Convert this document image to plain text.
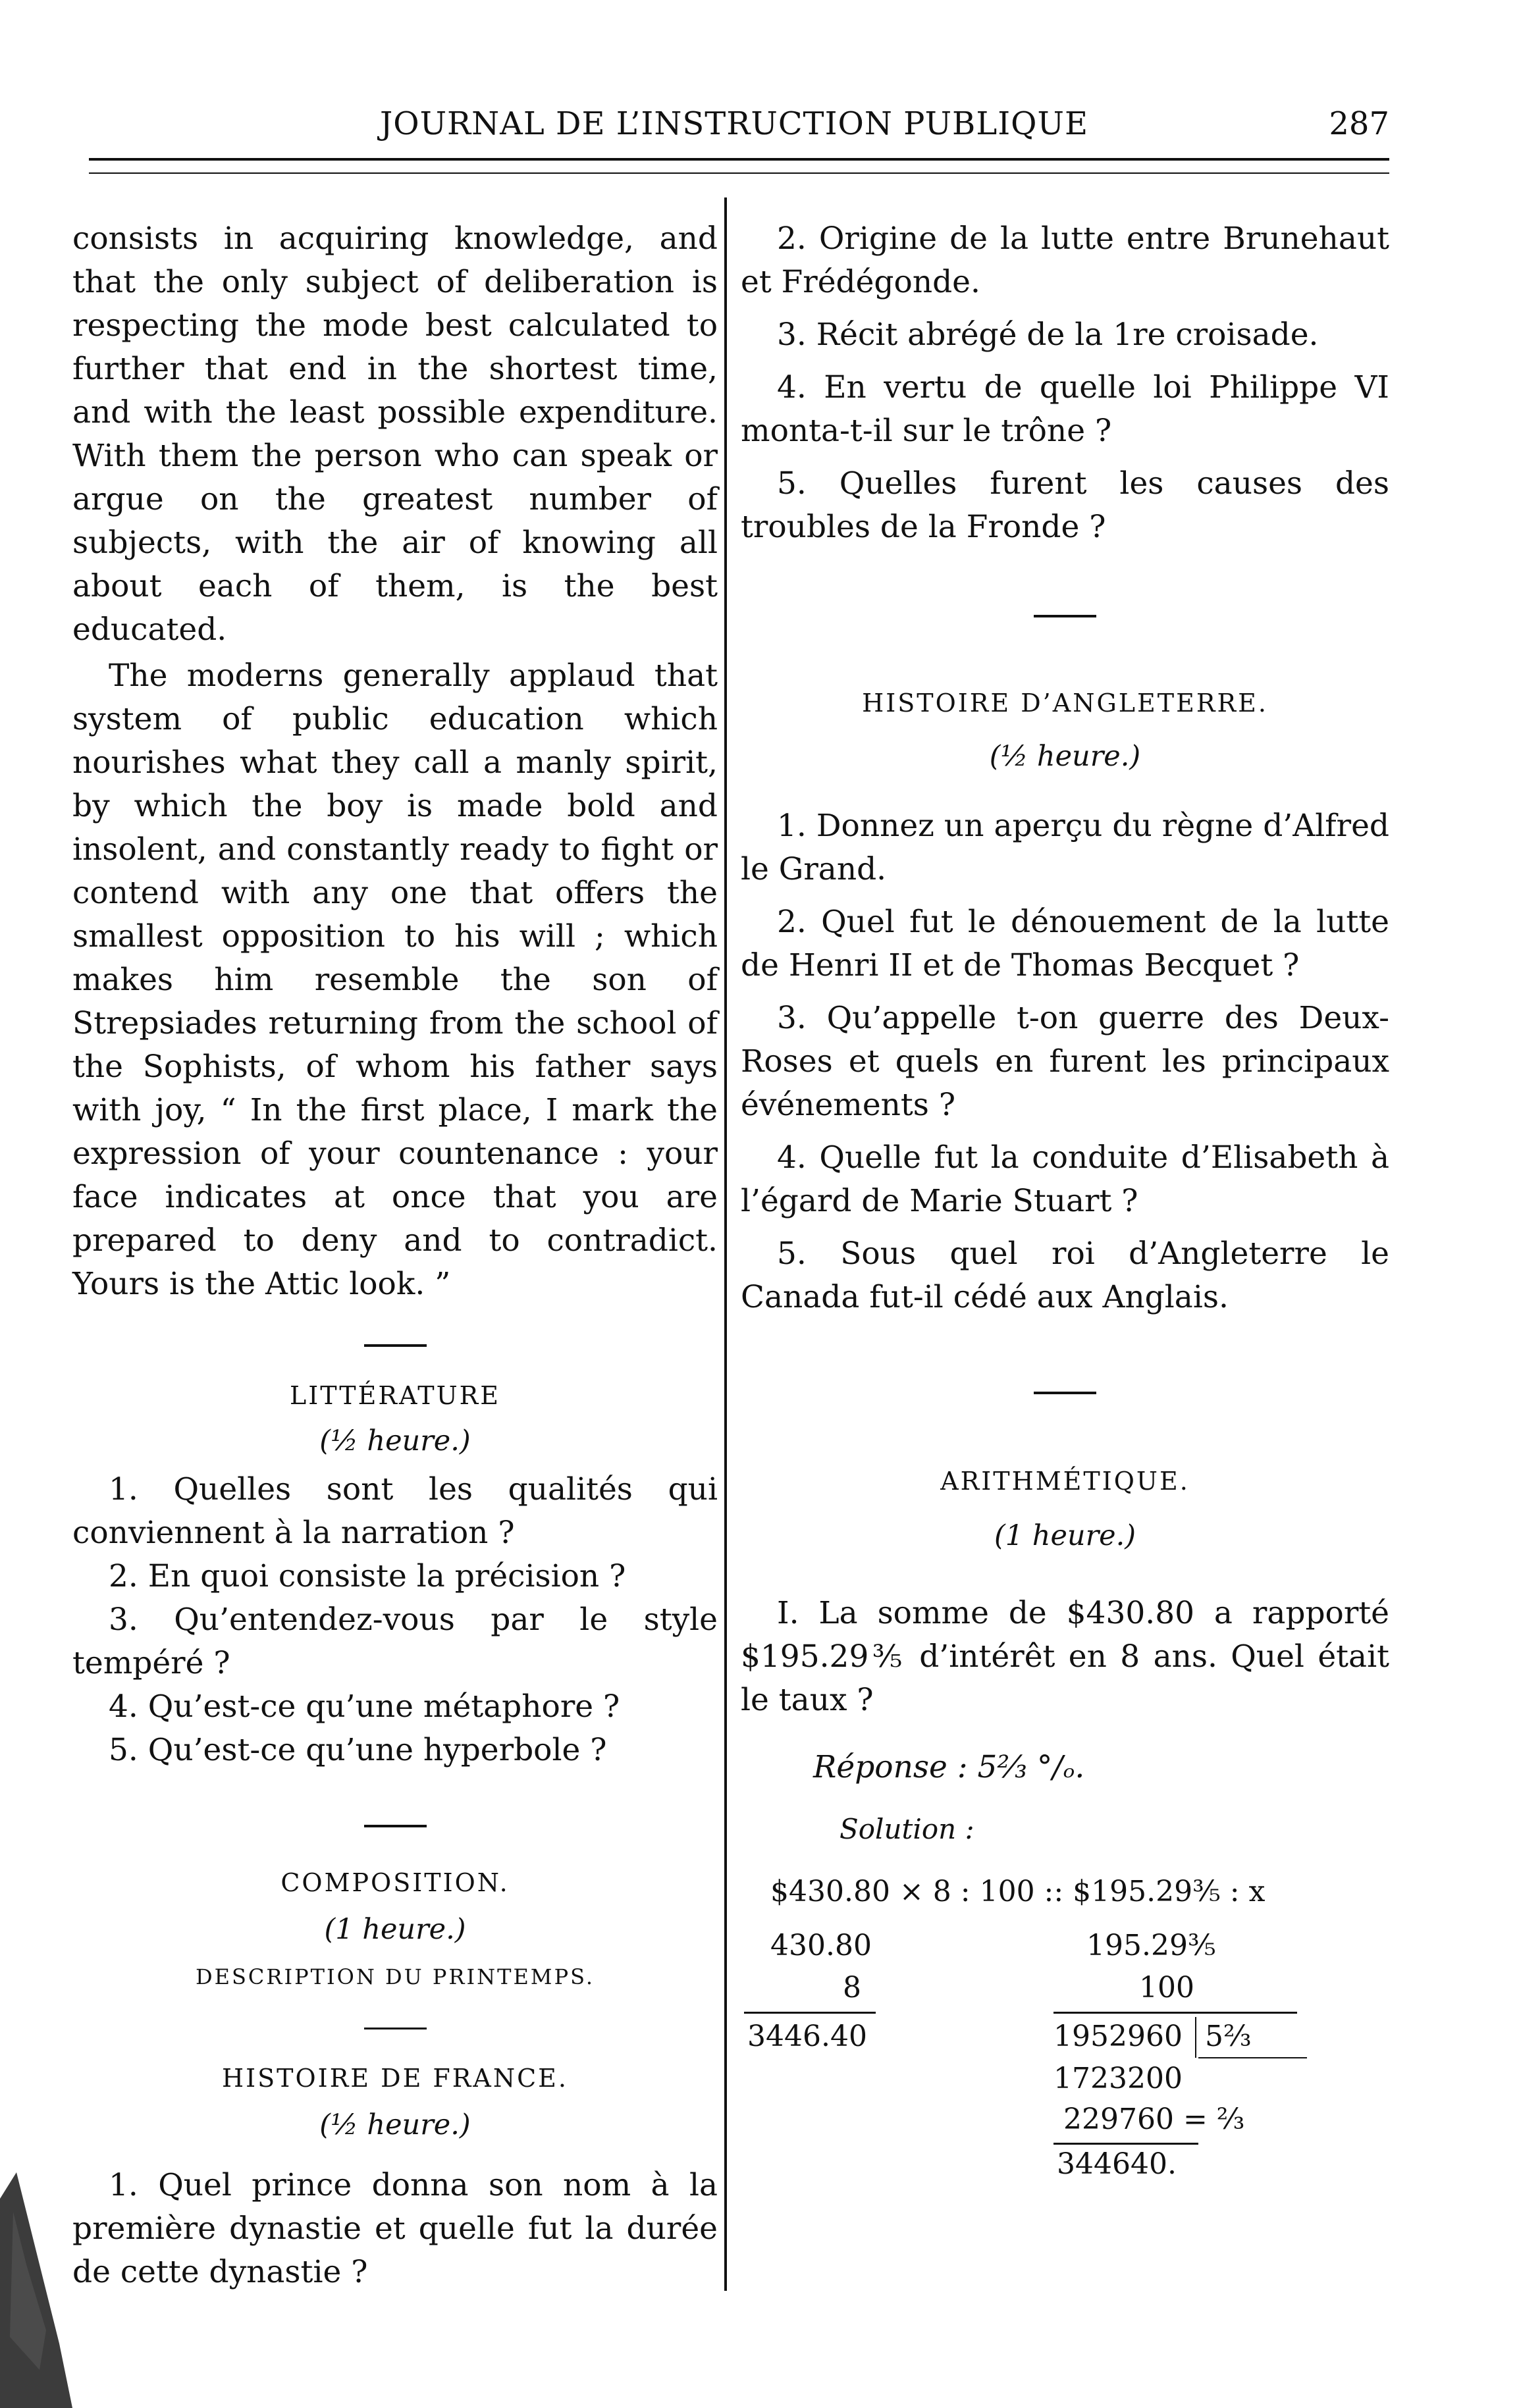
JOURNAL DE L’INSTRUCTION PUBLIQUE	287

consists in acquiring knowledge, and that the only subject of deliberation is respecting the mode best calculated to further that end in the shortest time, and with the least possible expenditure. With them the person who can speak or argue on the greatest number of subjects, with the air of knowing all about each of them, is the best educated.

The moderns generally applaud that system of public education which nourishes what they call a manly spirit, by which the boy is made bold and insolent, and constantly ready to fight or contend with any one that offers the smallest opposition to his will ; which makes him resemble the son of Strepsiades returning from the school of the Sophists, of whom his father says with joy, “ In the first place, I mark the expression of your countenance : your face indicates at once that you are prepared to deny and to contradict. Yours is the Attic look. ”

LITTÉRATURE
(½ heure.)

1. Quelles sont les qualités qui conviennent à la narration ?

2. En quoi consiste la précision ?

3. Qu’entendez-vous par le style tempéré ?

4. Qu’est-ce qu’une métaphore ?

5. Qu’est-ce qu’une hyperbole ?

COMPOSITION.
(1 heure.)
DESCRIPTION DU PRINTEMPS.
HISTOIRE DE FRANCE.
(½ heure.)

1. Quel prince donna son nom à la première dynastie et quelle fut la durée de cette dynastie ?

2. Origine de la lutte entre Brunehaut et Frédégonde.

3. Récit abrégé de la 1re croisade.

4. En vertu de quelle loi Philippe VI monta-t-il sur le trône ?

5. Quelles furent les causes des troubles de la Fronde ?

HISTOIRE D’ANGLETERRE.
(½ heure.)

1. Donnez un aperçu du règne d’Alfred le Grand.

2. Quel fut le dénouement de la lutte de Henri II et de Thomas Becquet ?

3. Qu’appelle t-on guerre des Deux-Roses et quels en furent les principaux événements ?

4. Quelle fut la conduite d’Elisabeth à l’égard de Marie Stuart ?

5. Sous quel roi d’Angleterre le Canada fut-il cédé aux Anglais.

ARITHMÉTIQUE.
(1 heure.)

I. La somme de $430.80 a rapporté $195.29⅗ d’intérêt en 8 ans. Quel était le taux ?

Réponse : 5⅔ °/ₒ.

Solution :

$430.80 × 8 : 100 :: $195.29⅗ : x
430.80	195.29⅗
8	100
3446.40	1952960 5⅔
1723200
229760 = ⅔
344640.
